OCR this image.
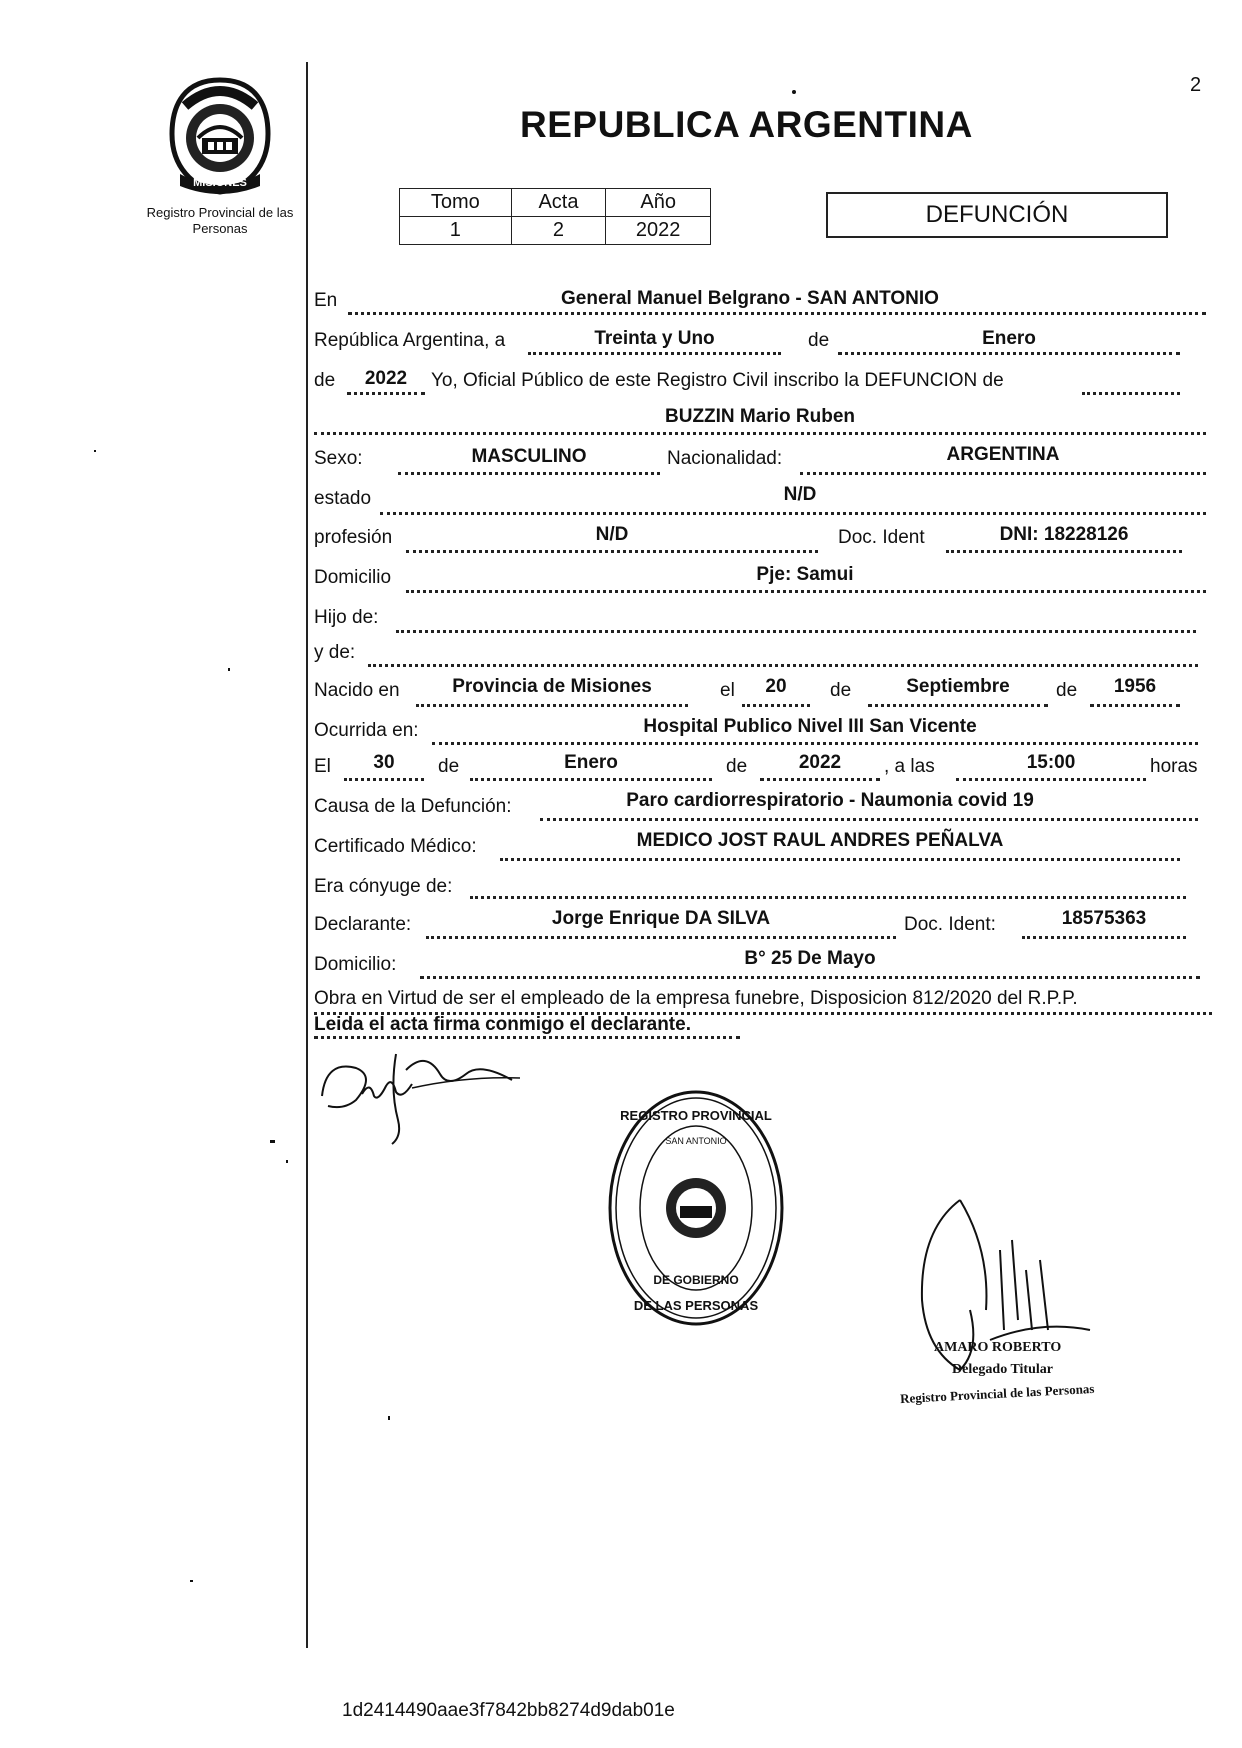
2
MISIONES
Registro Provincial de las Personas
REPUBLICA ARGENTINA
Tomo	Acta	Año
1	2	2022
DEFUNCIÓN
En	General Manuel Belgrano - SAN ANTONIO
República Argentina, a	Treinta y Uno	de	Enero
de	2022	Yo, Oficial Público de este Registro Civil inscribo la DEFUNCION de
BUZZIN Mario Ruben
Sexo:	MASCULINO	Nacionalidad:	ARGENTINA
estado	N/D
profesión	N/D	Doc. Ident	DNI: 18228126
Domicilio	Pje: Samui
Hijo de:
y de:
Nacido en	Provincia de Misiones	el	20	de	Septiembre	de	1956
Ocurrida en:	Hospital Publico Nivel III San Vicente
El	30	de	Enero	de	2022	, a las	15:00	horas
Causa de la Defunción:	Paro cardiorrespiratorio - Naumonia covid 19
Certificado Médico:	MEDICO JOST RAUL ANDRES PEÑALVA
Era cónyuge de:
Declarante:	Jorge Enrique DA SILVA	Doc. Ident:	18575363
Domicilio:	B° 25 De Mayo
Obra en Virtud de ser el empleado de la empresa funebre, Disposicion 812/2020 del R.P.P.
Leida el acta firma conmigo el declarante.
REGISTRO PROVINCIAL
DE LAS PERSONAS
DE GOBIERNO
SAN ANTONIO
AMARO ROBERTO
Delegado Titular
Registro Provincial de las Personas
1d2414490aae3f7842bb8274d9dab01e
